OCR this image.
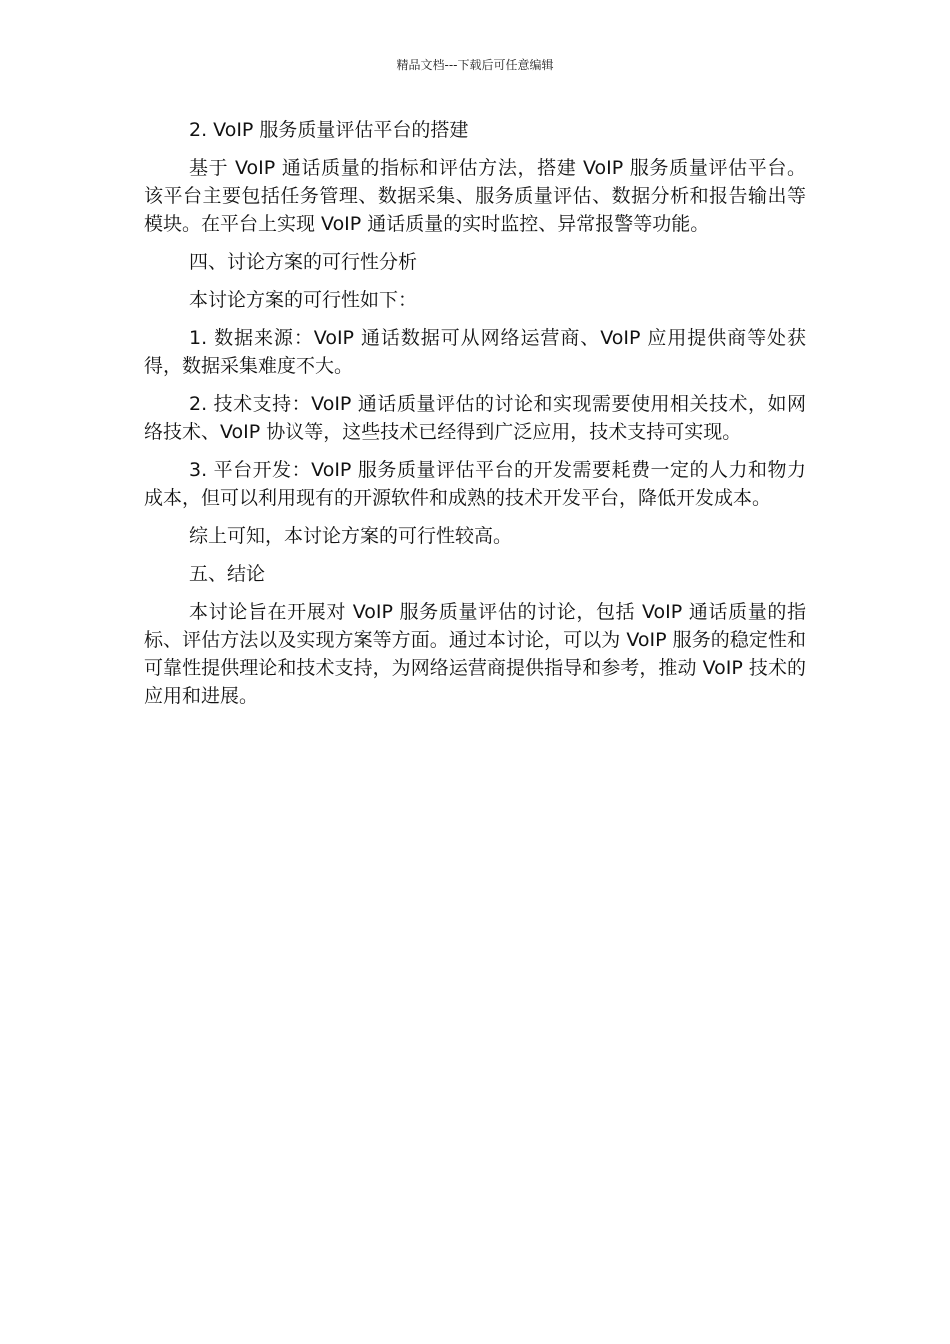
精品文档---下载后可任意编辑

2. VoIP 服务质量评估平台的搭建

基于 VoIP 通话质量的指标和评估方法，搭建 VoIP 服务质量评估平台。该平台主要包括任务管理、数据采集、服务质量评估、数据分析和报告输出等模块。在平台上实现 VoIP 通话质量的实时监控、异常报警等功能。

四、讨论方案的可行性分析

本讨论方案的可行性如下：

1. 数据来源：VoIP 通话数据可从网络运营商、VoIP 应用提供商等处获得，数据采集难度不大。

2. 技术支持：VoIP 通话质量评估的讨论和实现需要使用相关技术，如网络技术、VoIP 协议等，这些技术已经得到广泛应用，技术支持可实现。

3. 平台开发：VoIP 服务质量评估平台的开发需要耗费一定的人力和物力成本，但可以利用现有的开源软件和成熟的技术开发平台，降低开发成本。

综上可知，本讨论方案的可行性较高。

五、结论

本讨论旨在开展对 VoIP 服务质量评估的讨论，包括 VoIP 通话质量的指标、评估方法以及实现方案等方面。通过本讨论，可以为 VoIP 服务的稳定性和可靠性提供理论和技术支持，为网络运营商提供指导和参考，推动 VoIP 技术的应用和进展。
